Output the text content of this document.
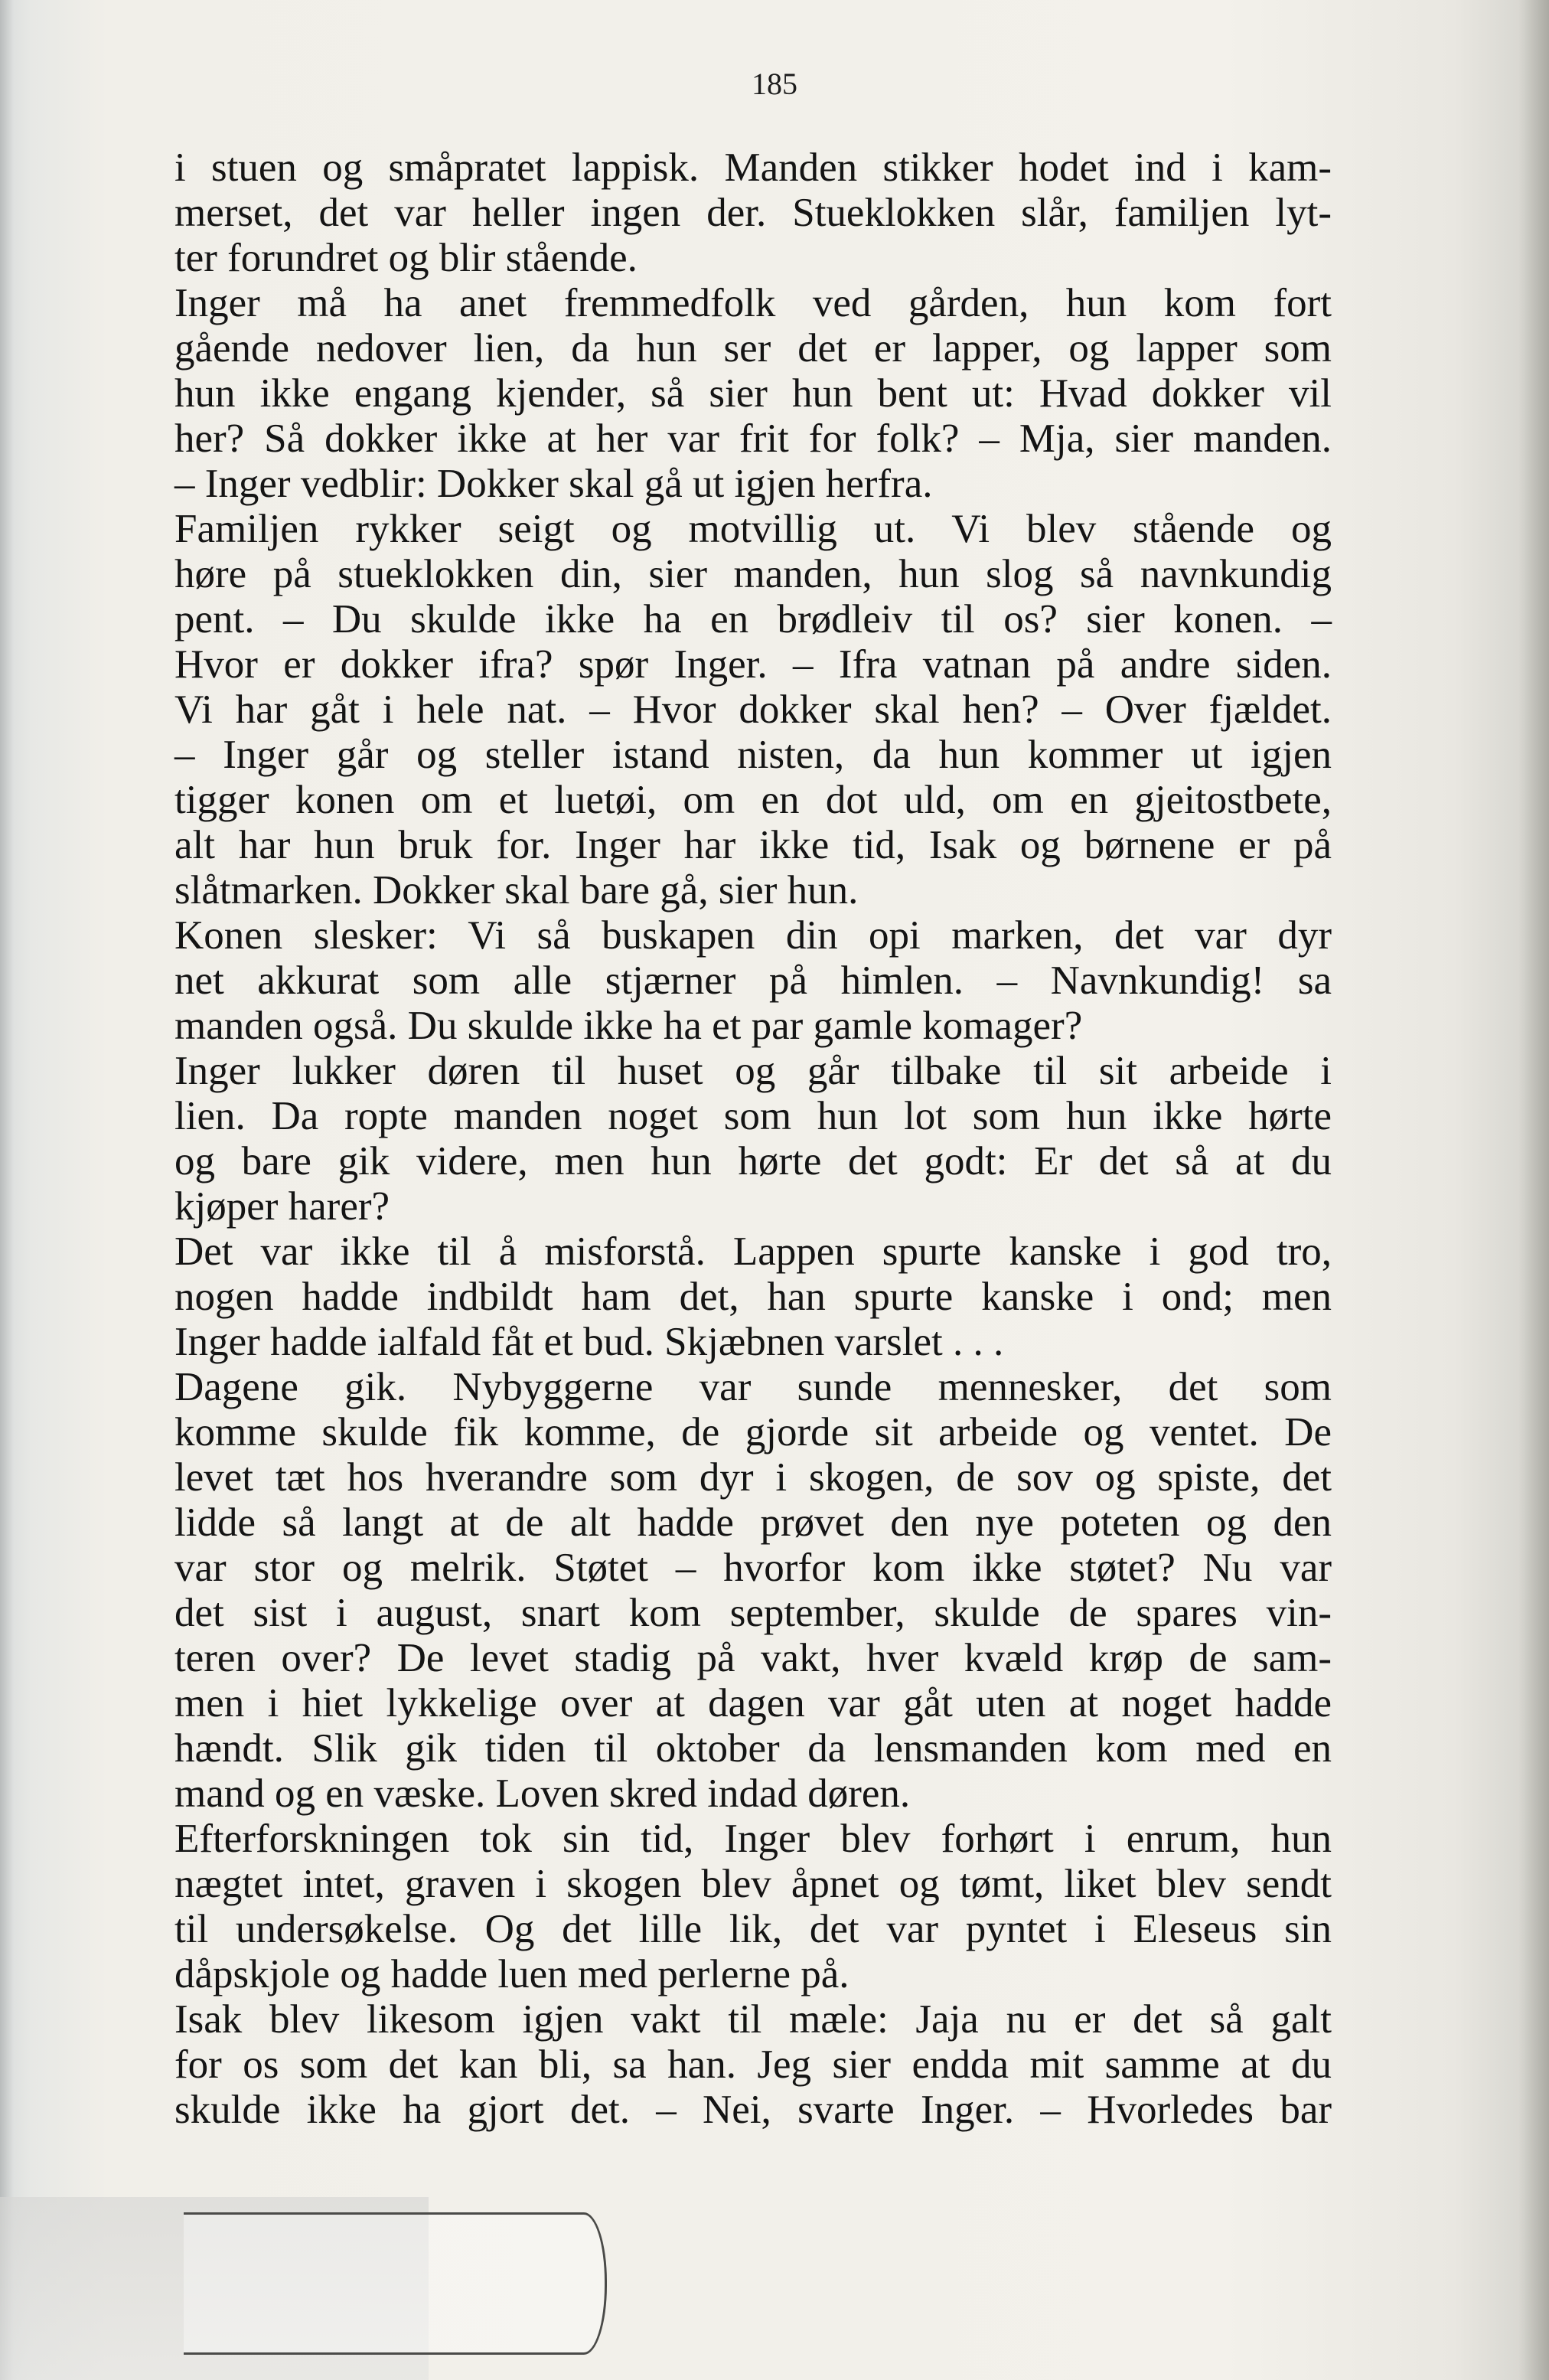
185

i stuen og småpratet lappisk. Manden stikker hodet ind i kam-
merset, det var heller ingen der. Stueklokken slår, familjen lyt-
ter forundret og blir stående.
Inger må ha anet fremmedfolk ved gården, hun kom fort
gående nedover lien, da hun ser det er lapper, og lapper som
hun ikke engang kjender, så sier hun bent ut: Hvad dokker vil
her? Så dokker ikke at her var frit for folk? – Mja, sier manden.
– Inger vedblir: Dokker skal gå ut igjen herfra.
Familjen rykker seigt og motvillig ut. Vi blev stående og
høre på stueklokken din, sier manden, hun slog så navnkundig
pent. – Du skulde ikke ha en brødleiv til os? sier konen. –
Hvor er dokker ifra? spør Inger. – Ifra vatnan på andre siden.
Vi har gåt i hele nat. – Hvor dokker skal hen? – Over fjældet.
– Inger går og steller istand nisten, da hun kommer ut igjen
tigger konen om et luetøi, om en dot uld, om en gjeitostbete,
alt har hun bruk for. Inger har ikke tid, Isak og børnene er på
slåtmarken. Dokker skal bare gå, sier hun.
Konen slesker: Vi så buskapen din opi marken, det var dyr
net akkurat som alle stjærner på himlen. – Navnkundig! sa
manden også. Du skulde ikke ha et par gamle komager?
Inger lukker døren til huset og går tilbake til sit arbeide i
lien. Da ropte manden noget som hun lot som hun ikke hørte
og bare gik videre, men hun hørte det godt: Er det så at du
kjøper harer?
Det var ikke til å misforstå. Lappen spurte kanske i god tro,
nogen hadde indbildt ham det, han spurte kanske i ond; men
Inger hadde ialfald fåt et bud. Skjæbnen varslet . . .
Dagene gik. Nybyggerne var sunde mennesker, det som
komme skulde fik komme, de gjorde sit arbeide og ventet. De
levet tæt hos hverandre som dyr i skogen, de sov og spiste, det
lidde så langt at de alt hadde prøvet den nye poteten og den
var stor og melrik. Støtet – hvorfor kom ikke støtet? Nu var
det sist i august, snart kom september, skulde de spares vin-
teren over? De levet stadig på vakt, hver kvæld krøp de sam-
men i hiet lykkelige over at dagen var gåt uten at noget hadde
hændt. Slik gik tiden til oktober da lensmanden kom med en
mand og en væske. Loven skred indad døren.
Efterforskningen tok sin tid, Inger blev forhørt i enrum, hun
nægtet intet, graven i skogen blev åpnet og tømt, liket blev sendt
til undersøkelse. Og det lille lik, det var pyntet i Eleseus sin
dåpskjole og hadde luen med perlerne på.
Isak blev likesom igjen vakt til mæle: Jaja nu er det så galt
for os som det kan bli, sa han. Jeg sier endda mit samme at du
skulde ikke ha gjort det. – Nei, svarte Inger. – Hvorledes bar
